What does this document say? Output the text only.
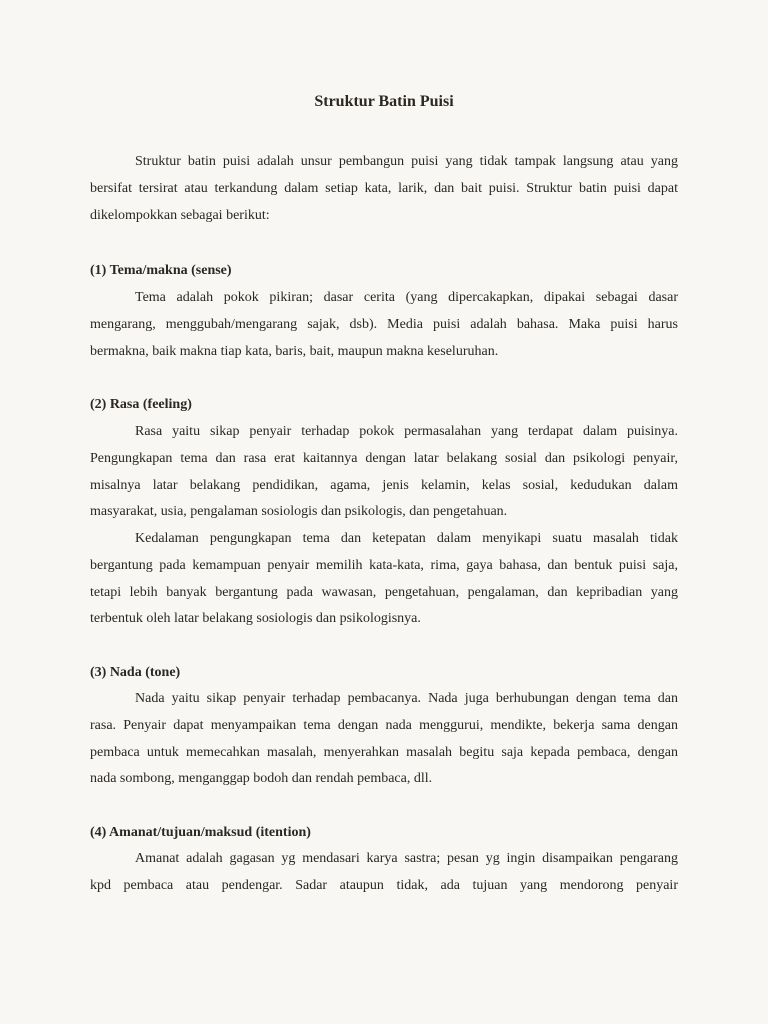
Struktur Batin Puisi
Struktur batin puisi adalah unsur pembangun puisi yang tidak tampak langsung atau yang
bersifat tersirat atau terkandung dalam setiap kata, larik, dan bait puisi. Struktur batin puisi dapat
dikelompokkan sebagai berikut:
(1) Tema/makna (sense)
Tema adalah pokok pikiran; dasar cerita (yang dipercakapkan, dipakai sebagai dasar
mengarang, menggubah/mengarang sajak, dsb). Media puisi adalah bahasa. Maka puisi harus
bermakna, baik makna tiap kata, baris, bait, maupun makna keseluruhan.
(2) Rasa (feeling)
Rasa yaitu sikap penyair terhadap pokok permasalahan yang terdapat dalam puisinya.
Pengungkapan tema dan rasa erat kaitannya dengan latar belakang sosial dan psikologi penyair,
misalnya latar belakang pendidikan, agama, jenis kelamin, kelas sosial, kedudukan dalam
masyarakat, usia, pengalaman sosiologis dan psikologis, dan pengetahuan.
Kedalaman pengungkapan tema dan ketepatan dalam menyikapi suatu masalah tidak
bergantung pada kemampuan penyair memilih kata-kata, rima, gaya bahasa, dan bentuk puisi saja,
tetapi lebih banyak bergantung pada wawasan, pengetahuan, pengalaman, dan kepribadian yang
terbentuk oleh latar belakang sosiologis dan psikologisnya.
(3) Nada (tone)
Nada yaitu sikap penyair terhadap pembacanya. Nada juga berhubungan dengan tema dan
rasa. Penyair dapat menyampaikan tema dengan nada menggurui, mendikte, bekerja sama dengan
pembaca untuk memecahkan masalah, menyerahkan masalah begitu saja kepada pembaca, dengan
nada sombong, menganggap bodoh dan rendah pembaca, dll.
(4) Amanat/tujuan/maksud (itention)
Amanat adalah gagasan yg mendasari karya sastra; pesan yg ingin disampaikan pengarang
kpd pembaca atau pendengar. Sadar ataupun tidak, ada tujuan yang mendorong penyair
